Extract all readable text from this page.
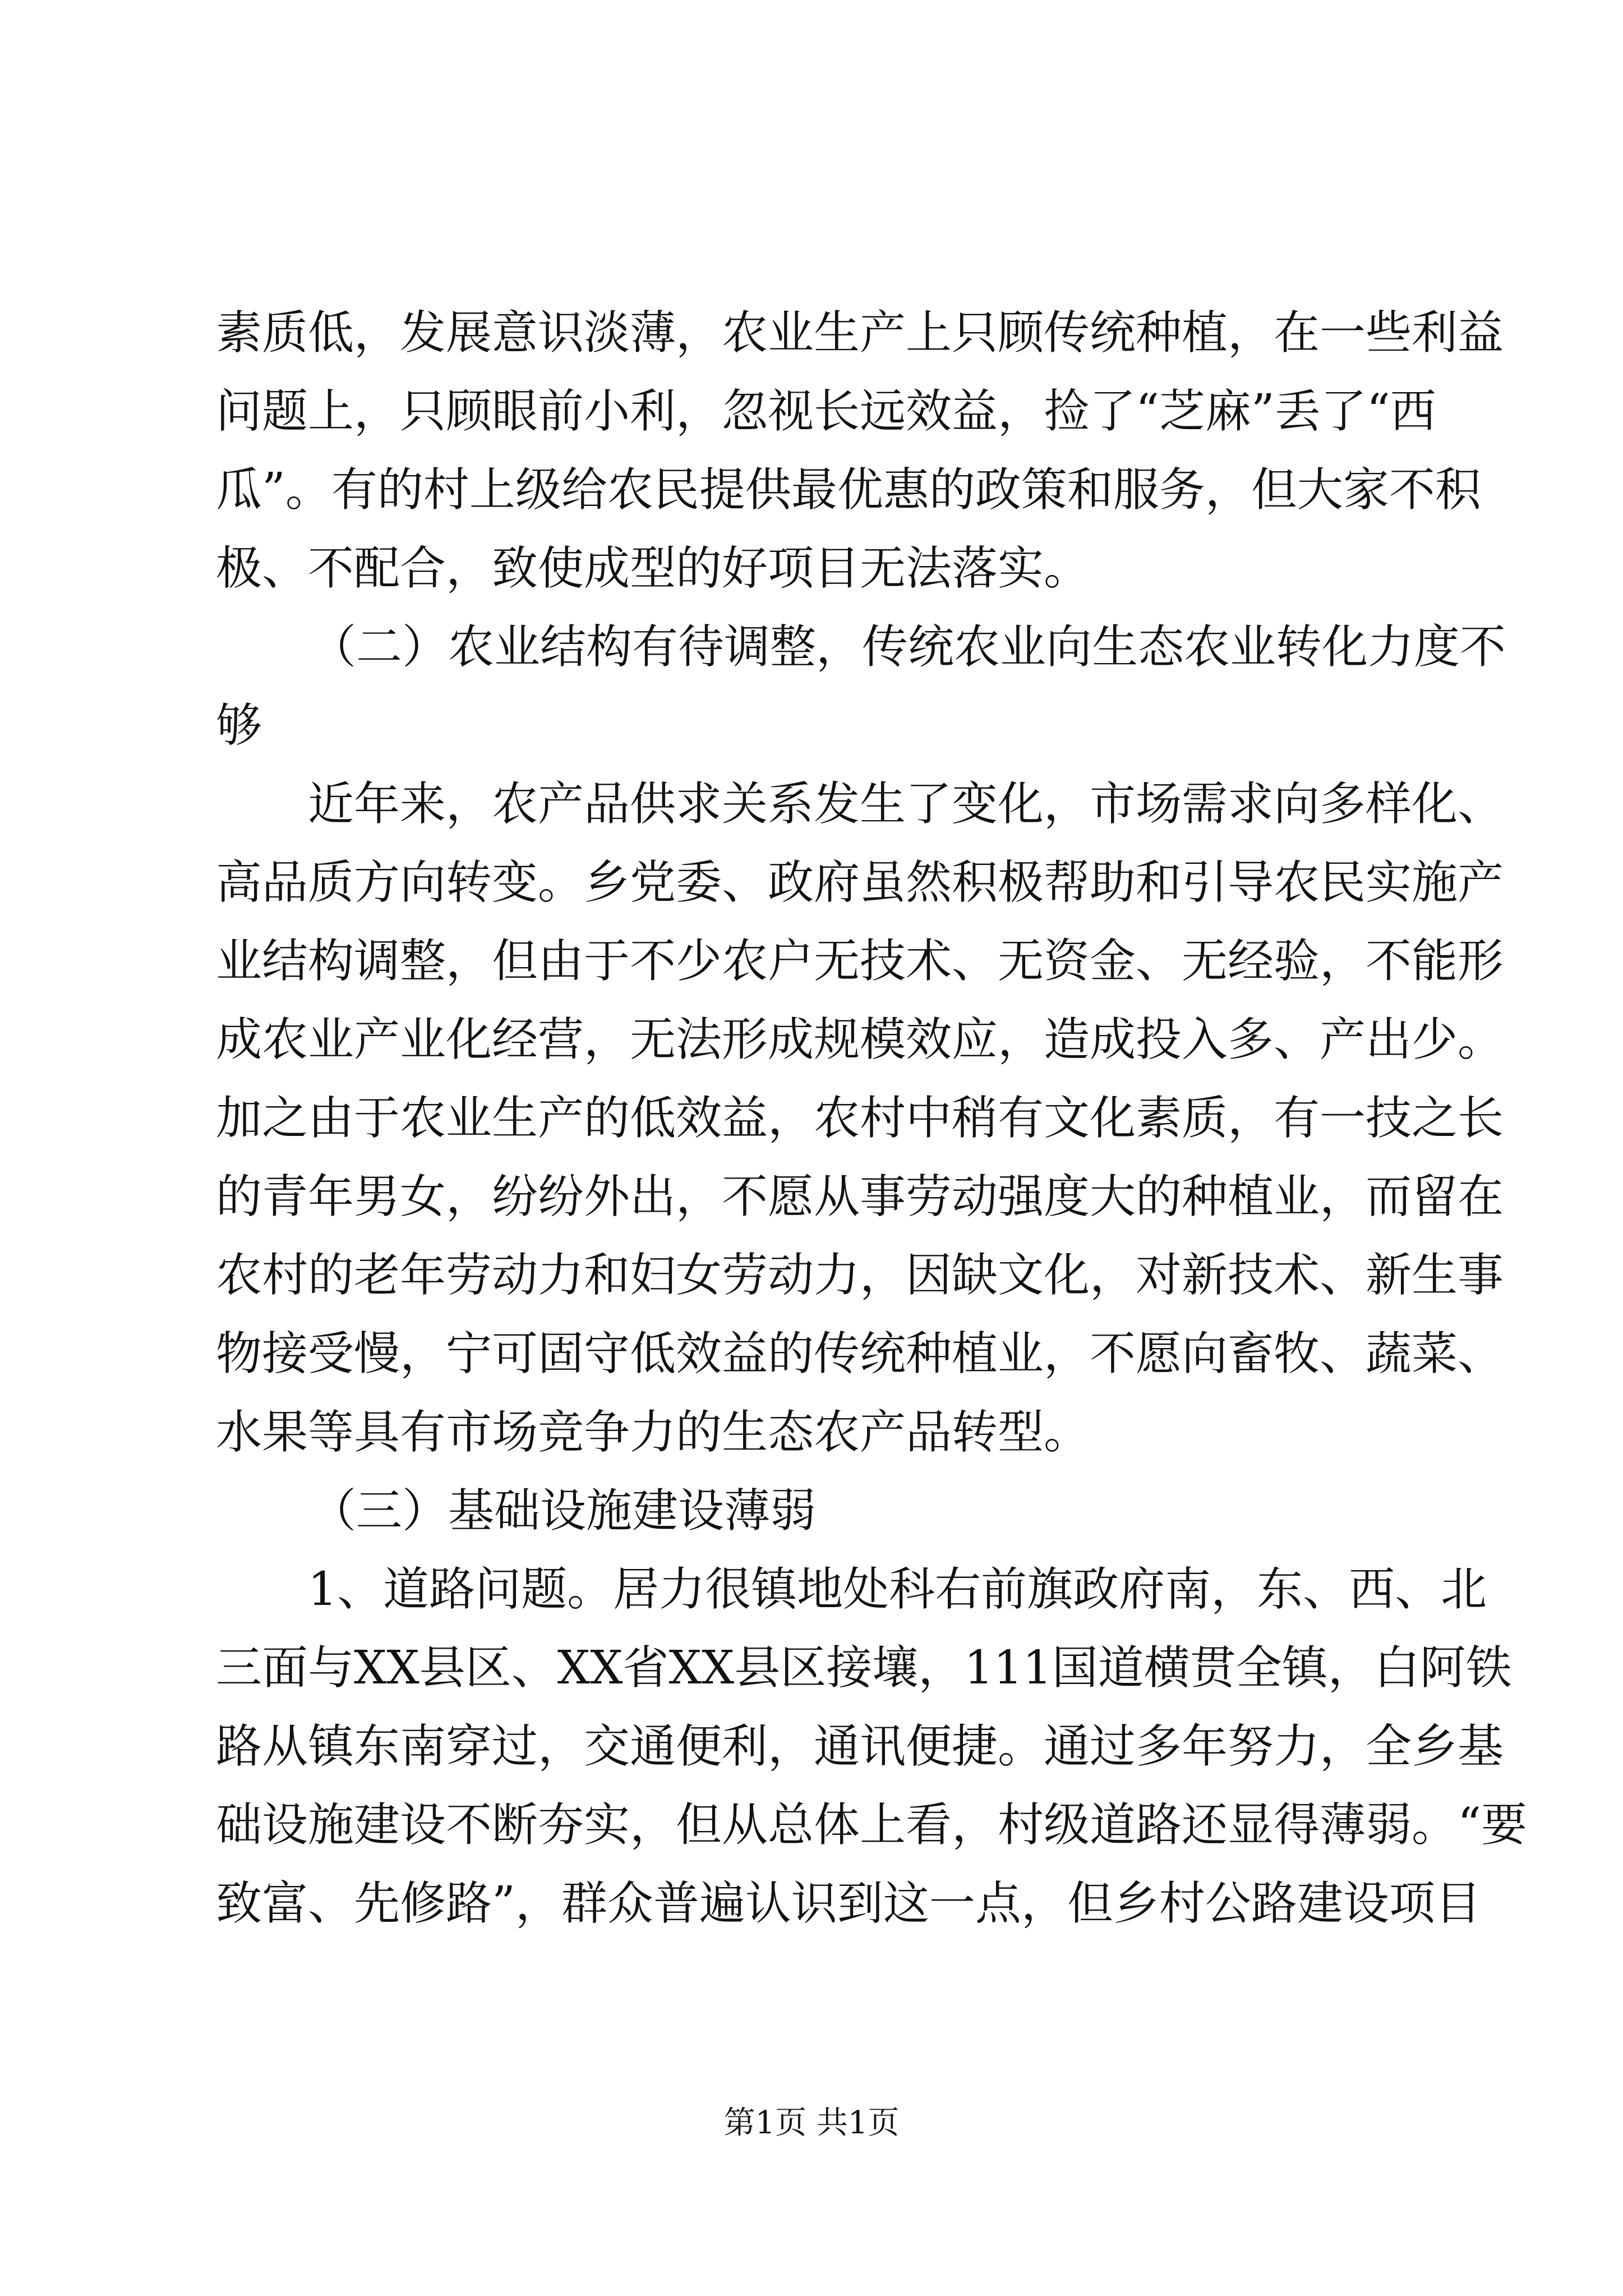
素质低，发展意识淡薄，农业生产上只顾传统种植，在一些利益
问题上，只顾眼前小利，忽视长远效益，捡了“芝麻”丢了“西
瓜”。有的村上级给农民提供最优惠的政策和服务，但大家不积
极、不配合，致使成型的好项目无法落实。
（二）农业结构有待调整，传统农业向生态农业转化力度不
够
近年来，农产品供求关系发生了变化，市场需求向多样化、
高品质方向转变。乡党委、政府虽然积极帮助和引导农民实施产
业结构调整，但由于不少农户无技术、无资金、无经验，不能形
成农业产业化经营，无法形成规模效应，造成投入多、产出少。
加之由于农业生产的低效益，农村中稍有文化素质，有一技之长
的青年男女，纷纷外出，不愿从事劳动强度大的种植业，而留在
农村的老年劳动力和妇女劳动力，因缺文化，对新技术、新生事
物接受慢，宁可固守低效益的传统种植业，不愿向畜牧、蔬菜、
水果等具有市场竞争力的生态农产品转型。
（三）基础设施建设薄弱
1、道路问题。居力很镇地处科右前旗政府南，东、西、北
三面与XX县区、XX省XX县区接壤，111国道横贯全镇，白阿铁
路从镇东南穿过，交通便利，通讯便捷。通过多年努力，全乡基
础设施建设不断夯实，但从总体上看，村级道路还显得薄弱。“要
致富、先修路”，群众普遍认识到这一点，但乡村公路建设项目
第1页 共1页
